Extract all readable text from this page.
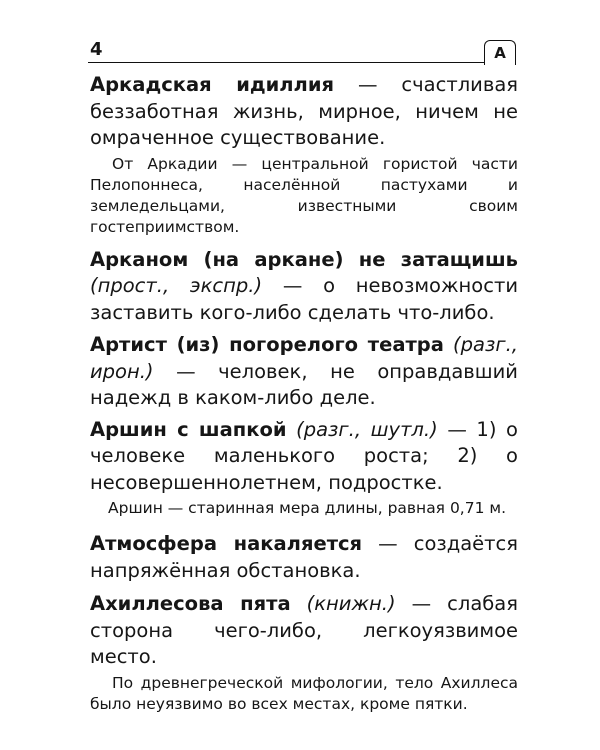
4	А

Аркадская идиллия — счастливая беззаботная жизнь, мирное, ничем не омраченное существование.

От Аркадии — центральной гористой части Пелопоннеса, населённой пастухами и земледельцами, известными своим гостеприимством.

Арканом (на аркане) не затащишь (прост., экспр.) — о невозможности заставить кого-либо сделать что-либо.

Артист (из) погорелого театра (разг., ирон.) — человек, не оправдавший надежд в каком-либо деле.

Аршин с шапкой (разг., шутл.) — 1) о человеке маленького роста; 2) о несовершеннолетнем, подростке.

Аршин — старинная мера длины, равная 0,71 м.

Атмосфера накаляется — создаётся напряжённая обстановка.

Ахиллесова пята (книжн.) — слабая сторона чего-либо, легкоуязвимое место.

По древнегреческой мифологии, тело Ахиллеса было неуязвимо во всех местах, кроме пятки.
